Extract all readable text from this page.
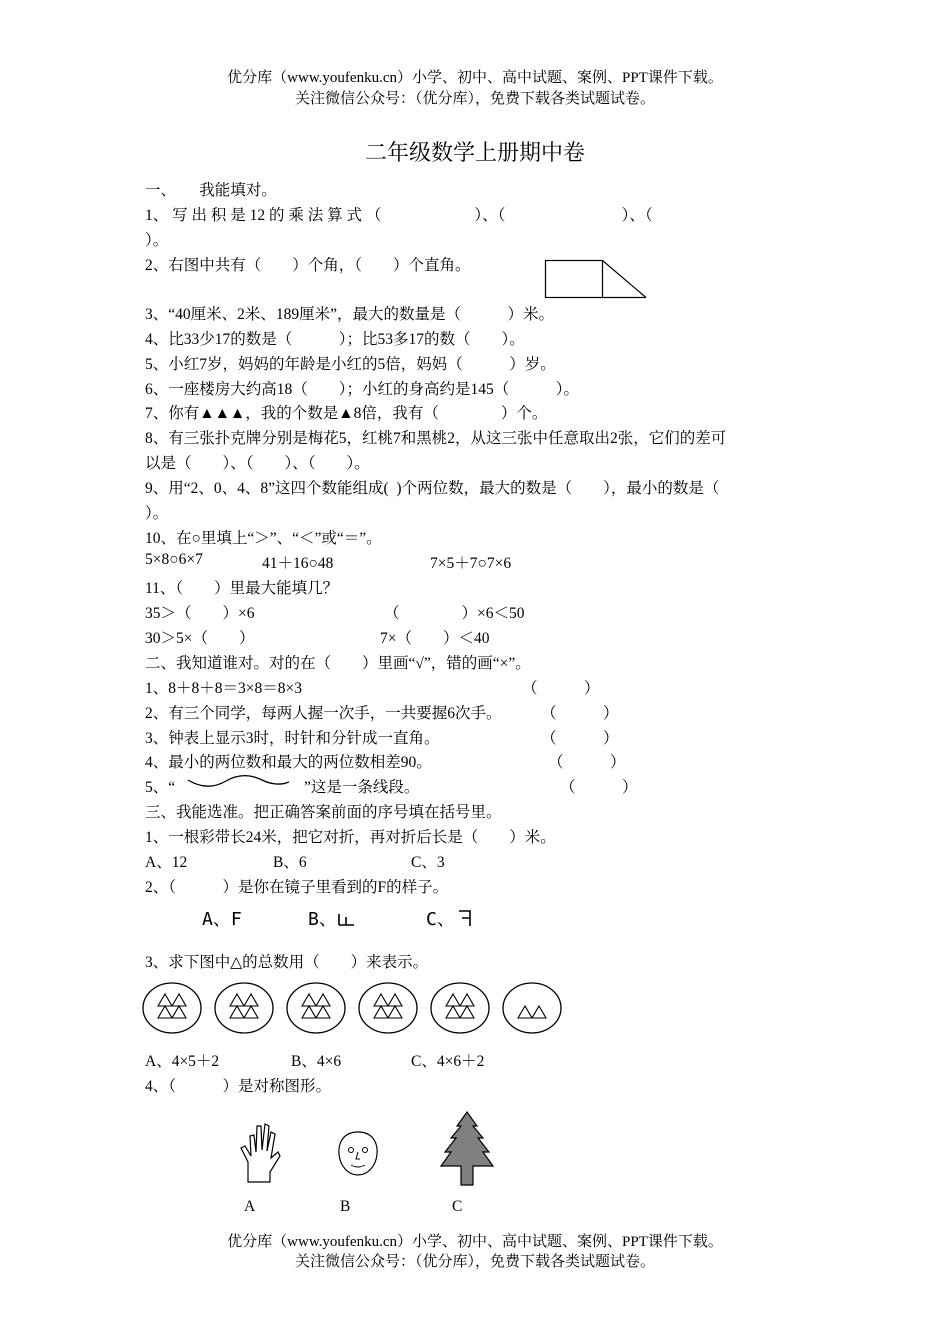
优分库（www.youfenku.cn）小学、初中、高中试题、案例、PPT课件下载。
关注微信公众号：（优分库），免费下载各类试题试卷。
二年级数学上册期中卷
一、　　我能填对。
1、 写 出 积 是 12 的 乘 法 算 式 （                        ）、（                              ）、（
）。
2、右图中共有（　　）个角，（　　）个直角。
3、“40厘米、2米、189厘米”，最大的数量是（　　　）米。
4、比33少17的数是（　　　）；比53多17的数（　　）。
5、小红7岁，妈妈的年龄是小红的5倍，妈妈（　　　）岁。
6、一座楼房大约高18（　　）；小红的身高约是145（　　　）。
7、你有▲▲▲，我的个数是▲8倍，我有（　　　　）个。
8、有三张扑克牌分别是梅花5，红桃7和黑桃2，从这三张中任意取出2张，它们的差可
以是（　　）、（　　）、（　　）。
9、用“2、0、4、8”这四个数能组成(  )个两位数，最大的数是（　　），最小的数是（
）。
10、在○里填上“＞”、“＜”或“＝”。
5×8○6×7	41＋16○48	7×5＋7○7×6
11、（　　）里最大能填几？
35＞（　　）×6	（　　　　）×6＜50
30＞5×（　　）	7×（　　）＜40
二、我知道谁对。对的在（　　）里画“√”，错的画“×”。
1、8＋8＋8＝3×8＝8×3	（　　　）
2、有三个同学，每两人握一次手，一共要握6次手。	（　　　）
3、钟表上显示3时，时针和分针成一直角。	（　　　）
4、最小的两位数和最大的两位数相差90。	（　　　）
5、“	”这是一条线段。	（　　　）
三、我能选准。把正确答案前面的序号填在括号里。
1、一根彩带长24米，把它对折，再对折后长是（　　）米。
A、12	B、6	C、3
2、（　　　）是你在镜子里看到的F的样子。
A、F	B、	C、
3、求下图中△的总数用（　　）来表示。
A、4×5＋2	B、4×6	C、4×6＋2
4、（　　　）是对称图形。
A	B	C
优分库（www.youfenku.cn）小学、初中、高中试题、案例、PPT课件下载。
关注微信公众号：（优分库），免费下载各类试题试卷。
